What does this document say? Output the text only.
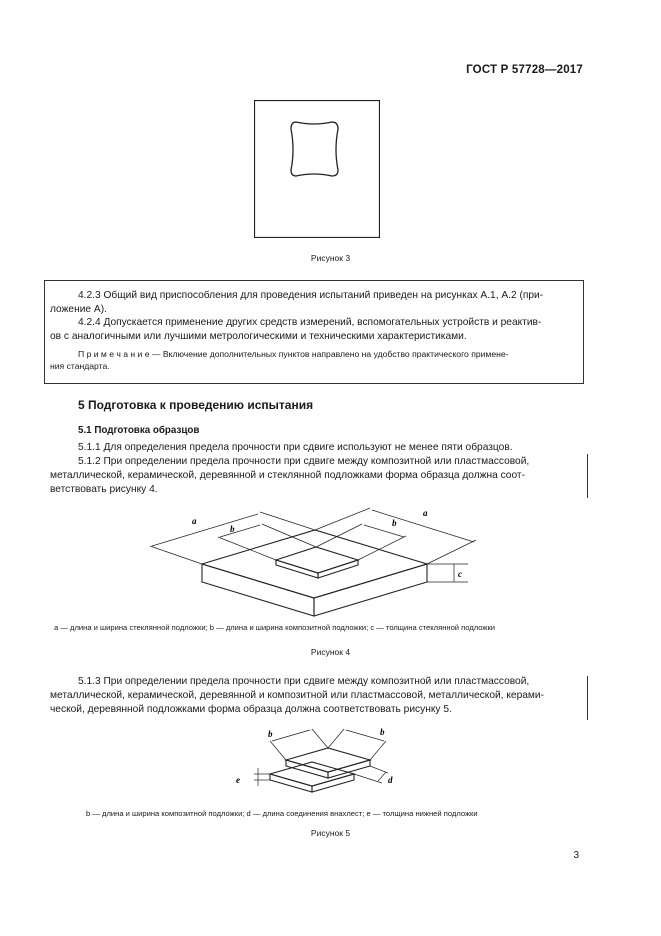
ГОСТ Р 57728—2017
Рисунок 3
4.2.3 Общий вид приспособления для проведения испытаний приведен на рисунках А.1, А.2 (при-
ложение А).
4.2.4 Допускается применение других средств измерений, вспомогательных устройств и реактив-
ов с аналогичными или лучшими метрологическими и техническими характеристиками.
П р и м е ч а н и е — Включение дополнительных пунктов направлено на удобство практического примене-
ния стандарта.
5 Подготовка к проведению испытания
5.1 Подготовка образцов
5.1.1 Для определения предела прочности при сдвиге используют не менее пяти образцов.
5.1.2 При определении предела прочности при сдвиге между композитной или пластмассовой,
металлической, керамической, деревянной и стеклянной подложками форма образца должна соот-
ветствовать рисунку 4.
a
a
b
b
c
a — длина и ширина стеклянной подложки; b — длина и ширина композитной подложки; c — толщина стеклянной подложки
Рисунок 4
5.1.3 При определении предела прочности при сдвиге между композитной или пластмассовой,
металлической, керамической, деревянной и композитной или пластмассовой, металлической, керами-
ческой, деревянной подложками форма образца должна соответствовать рисунку 5.
b	b
d
e
b — длина и ширина композитной подложки; d — длина соединения внахлест; e — толщина нижней подложки
Рисунок 5
3
